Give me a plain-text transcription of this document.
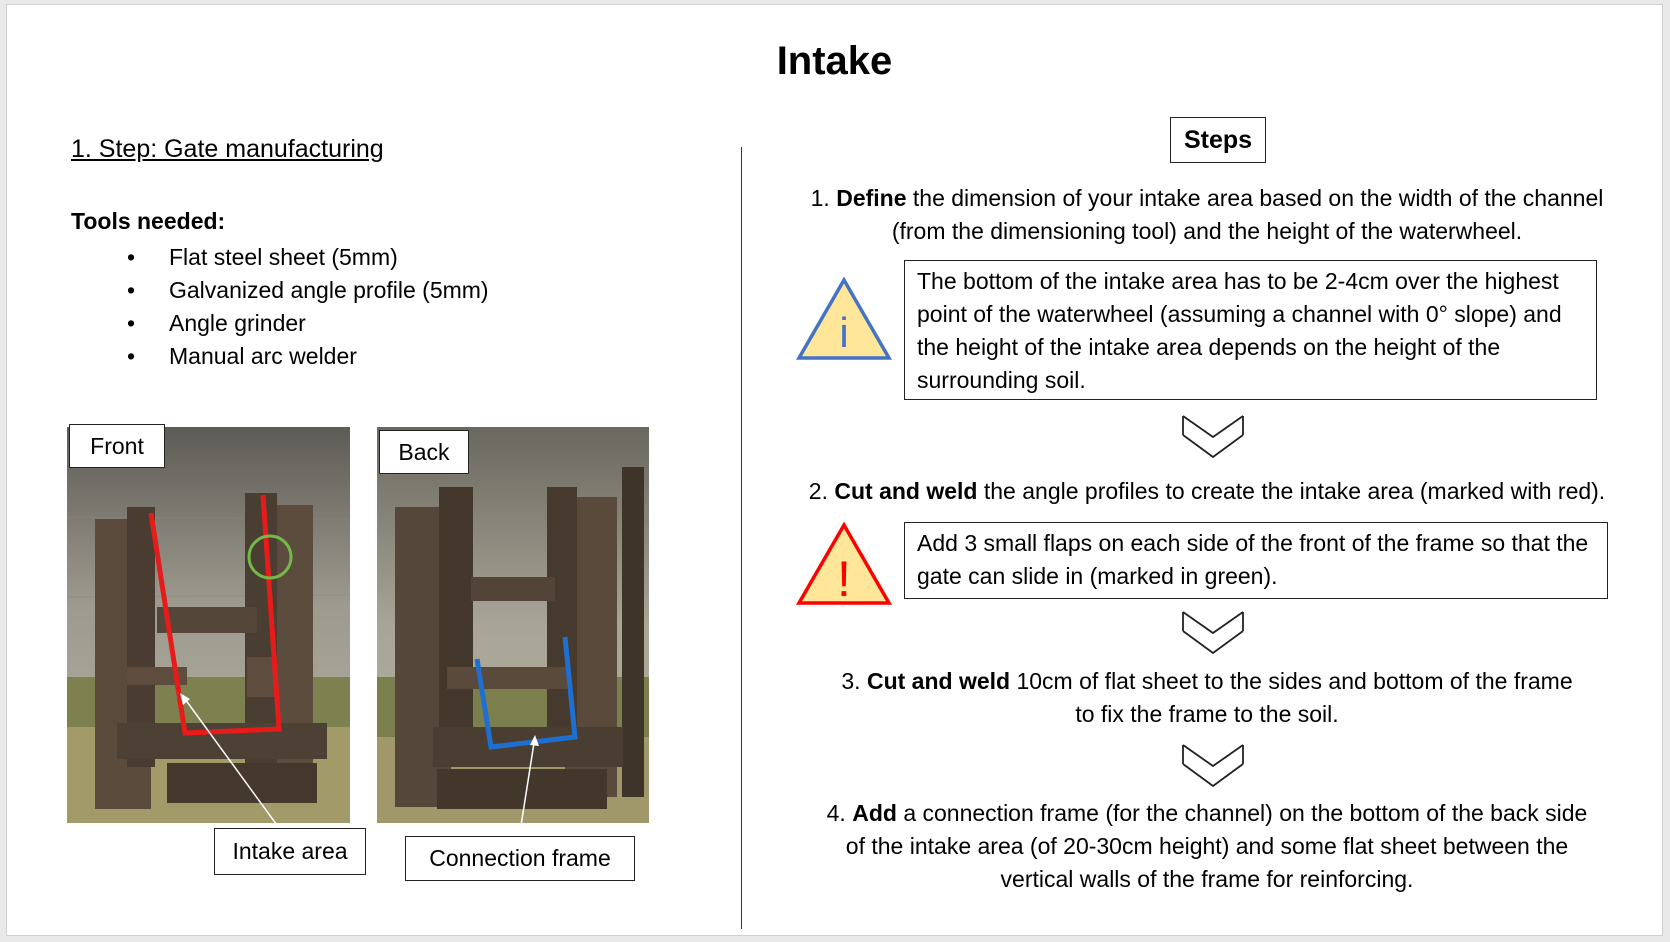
Intake
1. Step: Gate manufacturing
Tools needed:
• Flat steel sheet (5mm)
• Galvanized angle profile (5mm)
• Angle grinder
• Manual arc welder
Front	Back
Intake area	Connection frame
Steps
1. Define the dimension of your intake area based on the width of the channel
(from the dimensioning tool) and the height of the waterwheel.
i
The bottom of the intake area has to be 2-4cm over the highest point of the waterwheel (assuming a channel with 0° slope) and the height of the intake area depends on the height of the surrounding soil.
2. Cut and weld the angle profiles to create the intake area (marked with red).
!
Add 3 small flaps on each side of the front of the frame so that the gate can slide in (marked in green).
3. Cut and weld 10cm of flat sheet to the sides and bottom of the frame
to fix the frame to the soil.
4. Add a connection frame (for the channel) on the bottom of the back side
of the intake area (of 20-30cm height) and some flat sheet between the
vertical walls of the frame for reinforcing.
